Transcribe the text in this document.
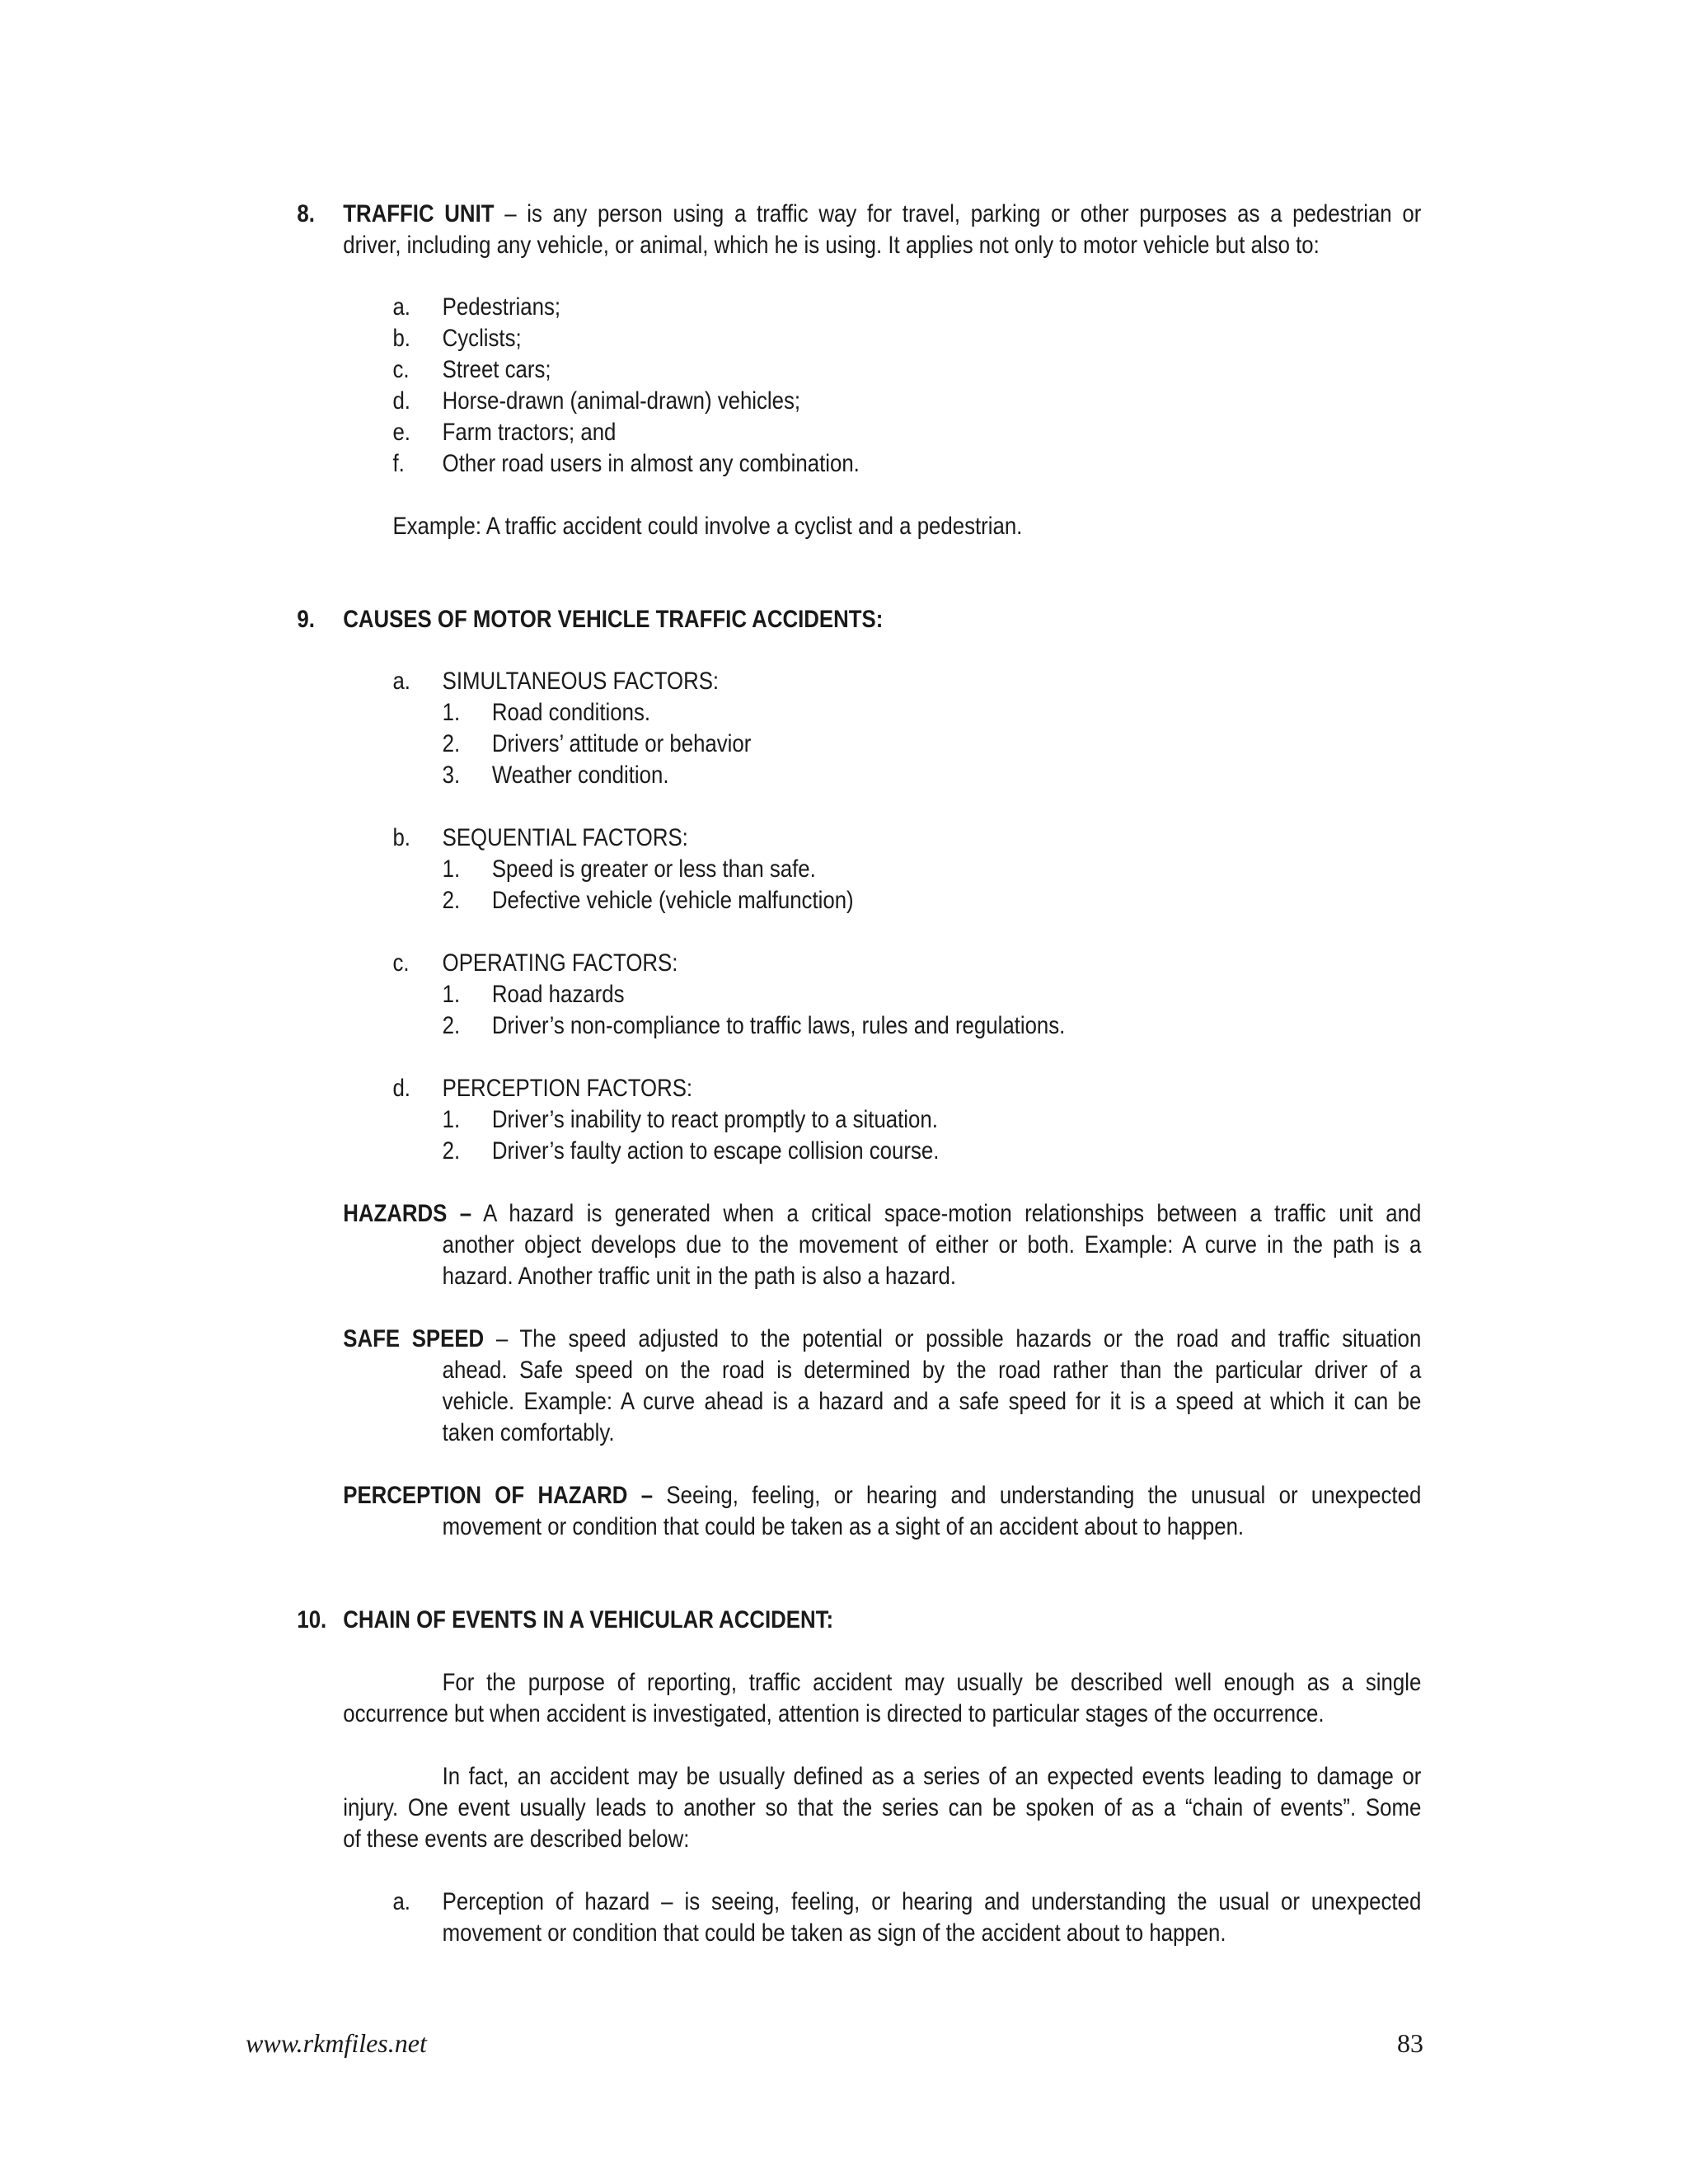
8. TRAFFIC UNIT – is any person using a traffic way for travel, parking or other purposes as a pedestrian or
driver, including any vehicle, or animal, which he is using. It applies not only to motor vehicle but also to:
a. Pedestrians;
b. Cyclists;
c. Street cars;
d. Horse-drawn (animal-drawn) vehicles;
e. Farm tractors; and
f. Other road users in almost any combination.
Example: A traffic accident could involve a cyclist and a pedestrian.
9. CAUSES OF MOTOR VEHICLE TRAFFIC ACCIDENTS:
a. SIMULTANEOUS FACTORS:
1. Road conditions.
2. Drivers’ attitude or behavior
3. Weather condition.
b. SEQUENTIAL FACTORS:
1. Speed is greater or less than safe.
2. Defective vehicle (vehicle malfunction)
c. OPERATING FACTORS:
1. Road hazards
2. Driver’s non-compliance to traffic laws, rules and regulations.
d. PERCEPTION FACTORS:
1. Driver’s inability to react promptly to a situation.
2. Driver’s faulty action to escape collision course.
HAZARDS – A hazard is generated when a critical space-motion relationships between a traffic unit and
another object develops due to the movement of either or both. Example: A curve in the path is a
hazard. Another traffic unit in the path is also a hazard.
SAFE SPEED – The speed adjusted to the potential or possible hazards or the road and traffic situation
ahead. Safe speed on the road is determined by the road rather than the particular driver of a
vehicle. Example: A curve ahead is a hazard and a safe speed for it is a speed at which it can be
taken comfortably.
PERCEPTION OF HAZARD – Seeing, feeling, or hearing and understanding the unusual or unexpected
movement or condition that could be taken as a sight of an accident about to happen.
10. CHAIN OF EVENTS IN A VEHICULAR ACCIDENT:
For the purpose of reporting, traffic accident may usually be described well enough as a single
occurrence but when accident is investigated, attention is directed to particular stages of the occurrence.
In fact, an accident may be usually defined as a series of an expected events leading to damage or
injury. One event usually leads to another so that the series can be spoken of as a “chain of events”. Some
of these events are described below:
a. Perception of hazard – is seeing, feeling, or hearing and understanding the usual or unexpected
movement or condition that could be taken as sign of the accident about to happen.
www.rkmfiles.net	83
